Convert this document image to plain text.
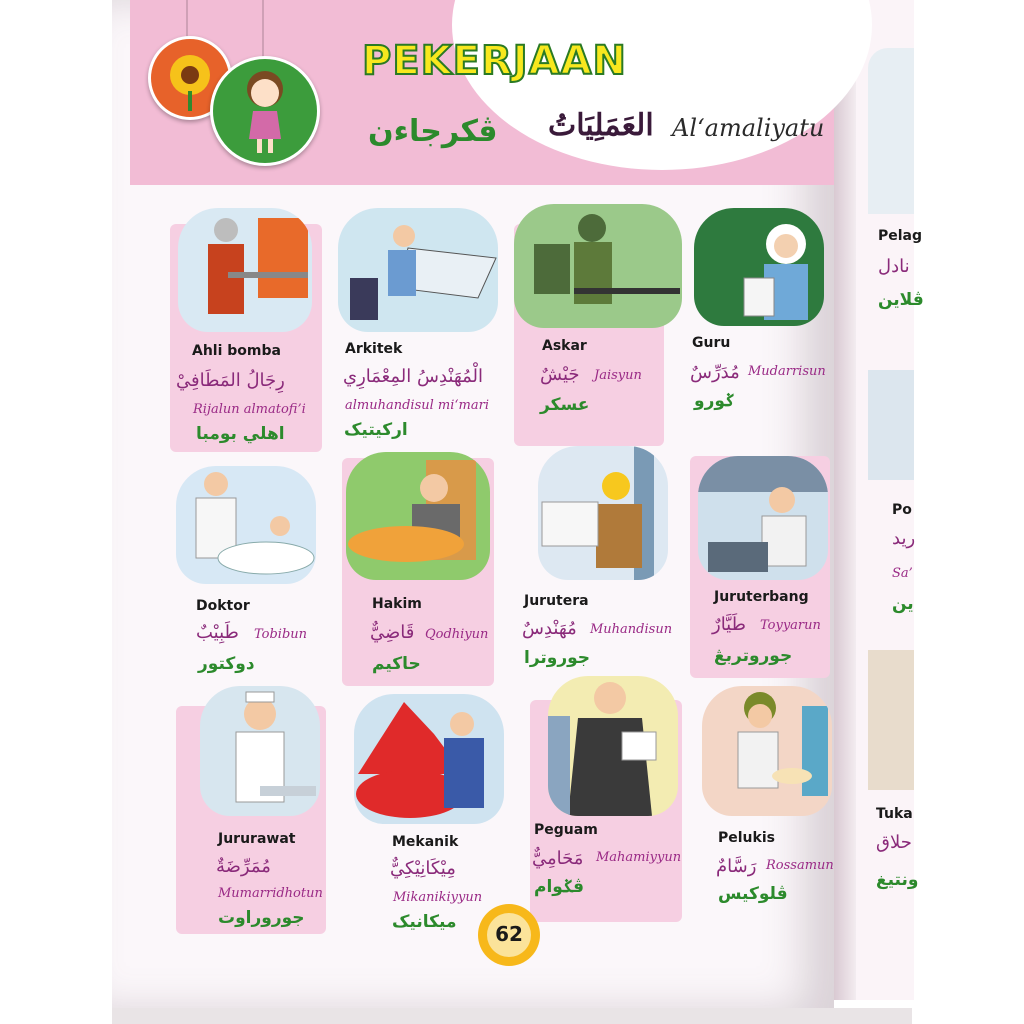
PEKERJAAN
ڤكرجاءن العَمَلِيَاتُ Al‘amaliyatu
Ahli bomba
رِجَالُ المَطَافِيْ
Rijalun almatofi’i
اهلي بومبا
Arkitek
الْمُهَنْدِسُ المِعْمَارِي
almuhandisul mi‘mari
اركيتيک
Askar
جَيْشٌ Jaisyun
عسكر
Guru
مُدَرِّسٌ Mudarrisun
ݢورو
Doktor
طَبِيْبٌ Tobibun
دوکتور
Hakim
قَاضِيٌّ Qodhiyun
حاکيم
Jurutera
مُهَنْدِسٌ Muhandisun
جوروترا
Juruterbang
طَيَّارٌ Toyyarun
جوروتربڠ
Jururawat
مُمَرِّضَةٌ
Mumarridhotun
جوروراوت
Mekanik
مِيْكَانِيْكِيٌّ
Mikanikiyyun
ميکانيک
Peguam
مَحَامِيٌّ Mahamiyyun
ڤݢوام
Pelukis
رَسَّامٌ Rossamun
ڤلوکيس
62
Pelag
نادل
ڤلاين
Po
ريد
Sa’
ين
Tuka
حلاق
ونتيغ
